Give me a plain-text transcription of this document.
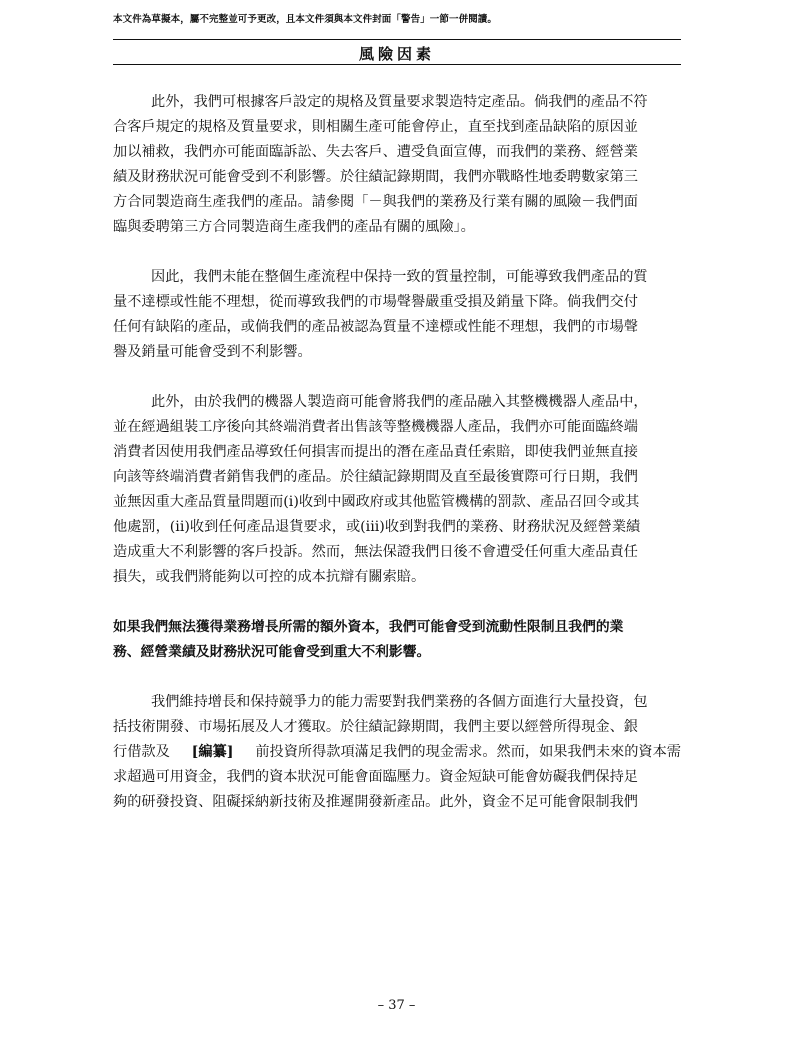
本文件為草擬本，屬不完整並可予更改，且本文件須與本文件封面「警告」一節一併閱讀。
風險因素
此外，我們可根據客戶設定的規格及質量要求製造特定產品。倘我們的產品不符
合客戶規定的規格及質量要求，則相關生產可能會停止，直至找到產品缺陷的原因並
加以補救，我們亦可能面臨訴訟、失去客戶、遭受負面宣傳，而我們的業務、經營業
績及財務狀況可能會受到不利影響。於往績記錄期間，我們亦戰略性地委聘數家第三
方合同製造商生產我們的產品。請參閱「－與我們的業務及行業有關的風險－我們面
臨與委聘第三方合同製造商生產我們的產品有關的風險」。
因此，我們未能在整個生產流程中保持一致的質量控制，可能導致我們產品的質
量不達標或性能不理想，從而導致我們的市場聲譽嚴重受損及銷量下降。倘我們交付
任何有缺陷的產品，或倘我們的產品被認為質量不達標或性能不理想，我們的市場聲
譽及銷量可能會受到不利影響。
此外，由於我們的機器人製造商可能會將我們的產品融入其整機機器人產品中，
並在經過組裝工序後向其終端消費者出售該等整機機器人產品，我們亦可能面臨終端
消費者因使用我們產品導致任何損害而提出的潛在產品責任索賠，即使我們並無直接
向該等終端消費者銷售我們的產品。於往績記錄期間及直至最後實際可行日期，我們
並無因重大產品質量問題而(i)收到中國政府或其他監管機構的罰款、產品召回令或其
他處罰，(ii)收到任何產品退貨要求，或(iii)收到對我們的業務、財務狀況及經營業績
造成重大不利影響的客戶投訴。然而，無法保證我們日後不會遭受任何重大產品責任
損失，或我們將能夠以可控的成本抗辯有關索賠。
如果我們無法獲得業務增長所需的額外資本，我們可能會受到流動性限制且我們的業
務、經營業績及財務狀況可能會受到重大不利影響。
我們維持增長和保持競爭力的能力需要對我們業務的各個方面進行大量投資，包
括技術開發、市場拓展及人才獲取。於往績記錄期間，我們主要以經營所得現金、銀
行借款及 [編纂] 前投資所得款項滿足我們的現金需求。然而，如果我們未來的資本需
求超過可用資金，我們的資本狀況可能會面臨壓力。資金短缺可能會妨礙我們保持足
夠的研發投資、阻礙採納新技術及推遲開發新產品。此外，資金不足可能會限制我們
– 37 –
